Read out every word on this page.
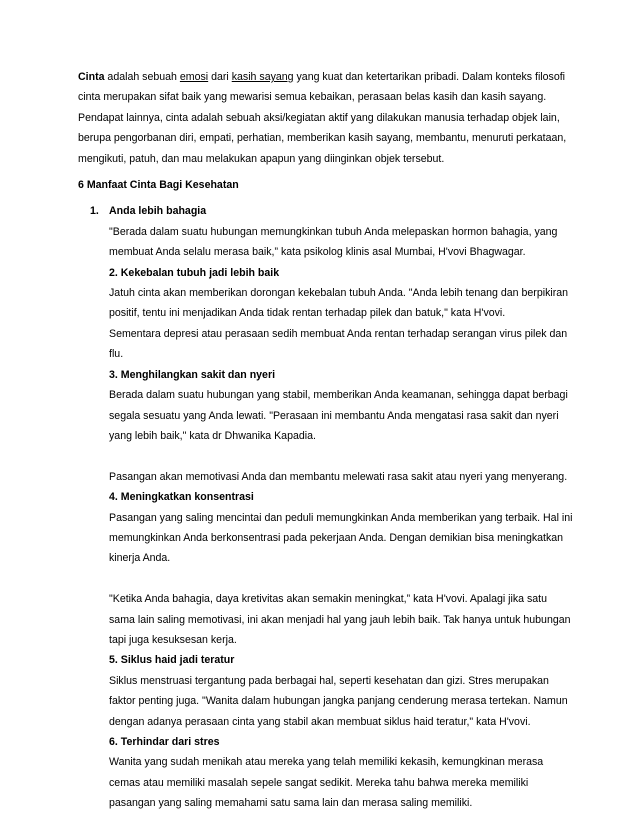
Cinta adalah sebuah emosi dari kasih sayang yang kuat dan ketertarikan pribadi. Dalam konteks filosofi cinta merupakan sifat baik yang mewarisi semua kebaikan, perasaan belas kasih dan kasih sayang. Pendapat lainnya, cinta adalah sebuah aksi/kegiatan aktif yang dilakukan manusia terhadap objek lain, berupa pengorbanan diri, empati, perhatian, memberikan kasih sayang, membantu, menuruti perkataan, mengikuti, patuh, dan mau melakukan apapun yang diinginkan objek tersebut.

6 Manfaat Cinta Bagi Kesehatan

1. Anda lebih bahagia

"Berada dalam suatu hubungan memungkinkan tubuh Anda melepaskan hormon bahagia, yang membuat Anda selalu merasa baik,” kata psikolog klinis asal Mumbai, H'vovi Bhagwagar.

2. Kekebalan tubuh jadi lebih baik

Jatuh cinta akan memberikan dorongan kekebalan tubuh Anda. "Anda lebih tenang dan berpikiran positif, tentu ini menjadikan Anda tidak rentan terhadap pilek dan batuk," kata H'vovi.

Sementara depresi atau perasaan sedih membuat Anda rentan terhadap serangan virus pilek dan flu.

3. Menghilangkan sakit dan nyeri

Berada dalam suatu hubungan yang stabil, memberikan Anda keamanan, sehingga dapat berbagi segala sesuatu yang Anda lewati. "Perasaan ini membantu Anda mengatasi rasa sakit dan nyeri yang lebih baik," kata dr Dhwanika Kapadia.

Pasangan akan memotivasi Anda dan membantu melewati rasa sakit atau nyeri yang menyerang.

4. Meningkatkan konsentrasi

Pasangan yang saling mencintai dan peduli memungkinkan Anda memberikan yang terbaik. Hal ini memungkinkan Anda berkonsentrasi pada pekerjaan Anda. Dengan demikian bisa meningkatkan kinerja Anda.

"Ketika Anda bahagia, daya kretivitas akan semakin meningkat,” kata H'vovi. Apalagi jika satu sama lain saling memotivasi, ini akan menjadi hal yang jauh lebih baik. Tak hanya untuk hubungan tapi juga kesuksesan kerja.

5. Siklus haid jadi teratur

Siklus menstruasi tergantung pada berbagai hal, seperti kesehatan dan gizi. Stres merupakan faktor penting juga. "Wanita dalam hubungan jangka panjang cenderung merasa tertekan. Namun dengan adanya perasaan cinta yang stabil akan membuat siklus haid teratur," kata H'vovi.

6. Terhindar dari stres

Wanita yang sudah menikah atau mereka yang telah memiliki kekasih, kemungkinan merasa cemas atau memiliki masalah sepele sangat sedikit. Mereka tahu bahwa mereka memiliki pasangan yang saling memahami satu sama lain dan merasa saling memiliki.
